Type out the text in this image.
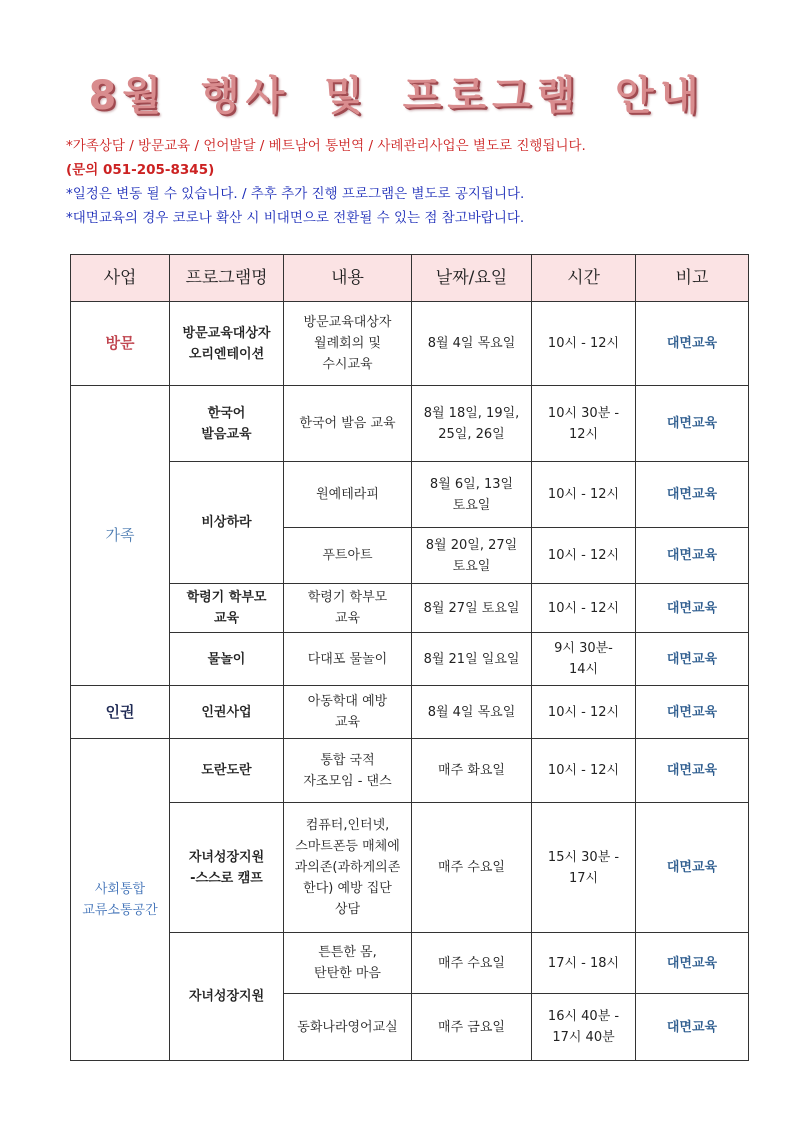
8월 행사 및 프로그램 안내
*가족상담 / 방문교육 / 언어발달 / 베트남어 통번역 / 사례관리사업은 별도로 진행됩니다.
(문의 051-205-8345)
*일정은 변동 될 수 있습니다. / 추후 추가 진행 프로그램은 별도로 공지됩니다.
*대면교육의 경우 코로나 확산 시 비대면으로 전환될 수 있는 점 참고바랍니다.
사업	프로그램명	내용	날짜/요일	시간	비고
방문	방문교육대상자
오리엔테이션	방문교육대상자
월례회의 및
수시교육	8월 4일 목요일	10시 - 12시	대면교육
가족	한국어
발음교육	한국어 발음 교육	8월 18일, 19일,
25일, 26일	10시 30분 -
12시	대면교육
	비상하라	원예테라피	8월 6일, 13일
토요일	10시 - 12시	대면교육
		푸트아트	8월 20일, 27일
토요일	10시 - 12시	대면교육
	학령기 학부모
교육	학령기 학부모
교육	8월 27일 토요일	10시 - 12시	대면교육
	물놀이	다대포 물놀이	8월 21일 일요일	9시 30분-
14시	대면교육
인권	인권사업	아동학대 예방
교육	8월 4일 목요일	10시 - 12시	대면교육
사회통합
교류소통공간	도란도란	통합 국적
자조모임 - 댄스	매주 화요일	10시 - 12시	대면교육
	자녀성장지원
-스스로 캠프	컴퓨터,인터넷,
스마트폰등 매체에
과의존(과하게의존
한다) 예방 집단
상담	매주 수요일	15시 30분 -
17시	대면교육
	자녀성장지원	튼튼한 몸,
탄탄한 마음	매주 수요일	17시 - 18시	대면교육
		동화나라영어교실	매주 금요일	16시 40분 -
17시 40분	대면교육
